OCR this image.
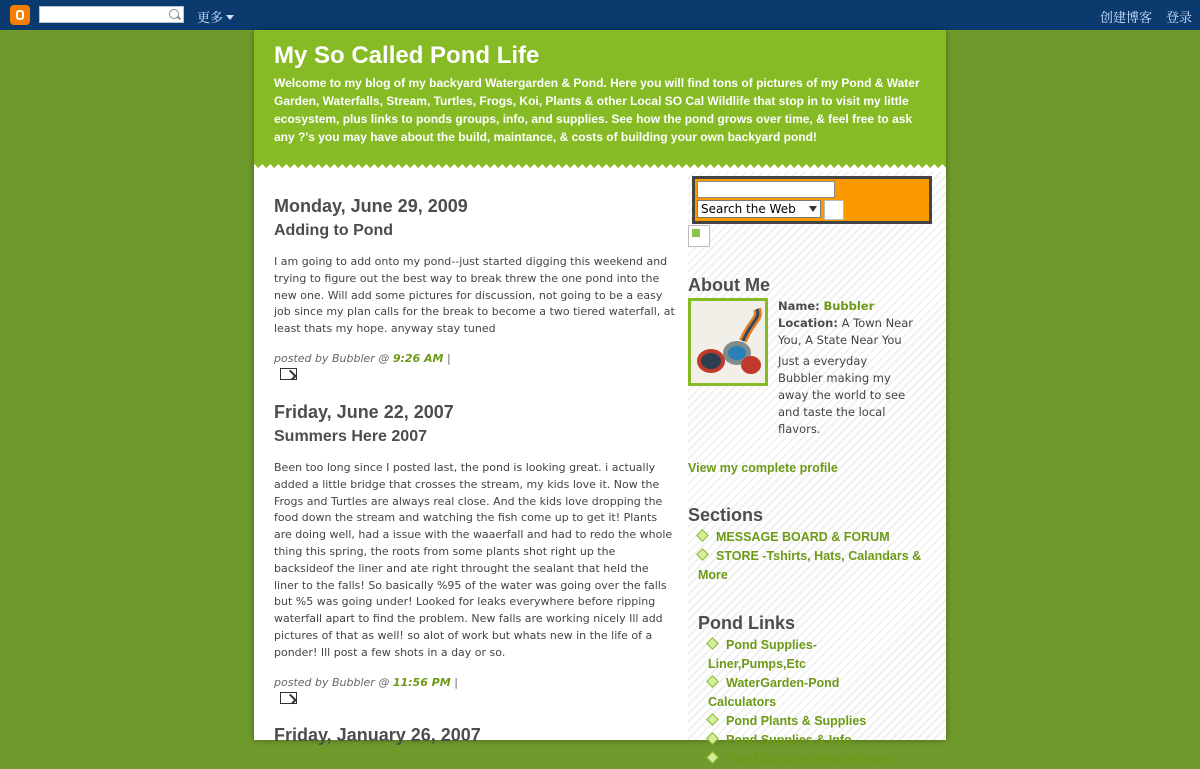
更多	创建博客 登录
My So Called Pond Life
Welcome to my blog of my backyard Watergarden & Pond. Here you will find tons of pictures of my Pond & Water Garden, Waterfalls, Stream, Turtles, Frogs, Koi, Plants & other Local SO Cal Wildlife that stop in to visit my little ecosystem, plus links to ponds groups, info, and supplies. See how the pond grows over time, & feel free to ask any ?'s you may have about the build, maintance, & costs of building your own backyard pond!
Monday, June 29, 2009
Adding to Pond
I am going to add onto my pond--just started digging this weekend and trying to figure out the best way to break threw the one pond into the new one. Will add some pictures for discussion, not going to be a easy job since my plan calls for the break to become a two tiered waterfall, at least thats my hope. anyway stay tuned
posted by Bubbler @ 9:26 AM |
Friday, June 22, 2007
Summers Here 2007
Been too long since I posted last, the pond is looking great. i actually added a little bridge that crosses the stream, my kids love it. Now the Frogs and Turtles are always real close. And the kids love dropping the food down the stream and watching the fish come up to get it! Plants are doing well, had a issue with the waaerfall and had to redo the whole thing this spring, the roots from some plants shot right up the backsideof the liner and ate right throught the sealant that held the liner to the falls! So basically %95 of the water was going over the falls but %5 was going under! Looked for leaks everywhere before ripping waterfall apart to find the problem. New falls are working nicely Ill add pictures of that as well! so alot of work but whats new in the life of a ponder! Ill post a few shots in a day or so.
posted by Bubbler @ 11:56 PM |
Friday, January 26, 2007
Search the Web
About Me
Name: Bubbler
Location: A Town Near You, A State Near You
Just a everyday Bubbler making my away the world to see and taste the local flavors.
View my complete profile
Sections
MESSAGE BOARD & FORUM
STORE -Tshirts, Hats, Calandars & More
Pond Links
Pond Supplies-Liner,Pumps,Etc
WaterGarden-Pond Calculators
Pond Plants & Supplies
Pond Supplies & Info
Pond Building-great photos
